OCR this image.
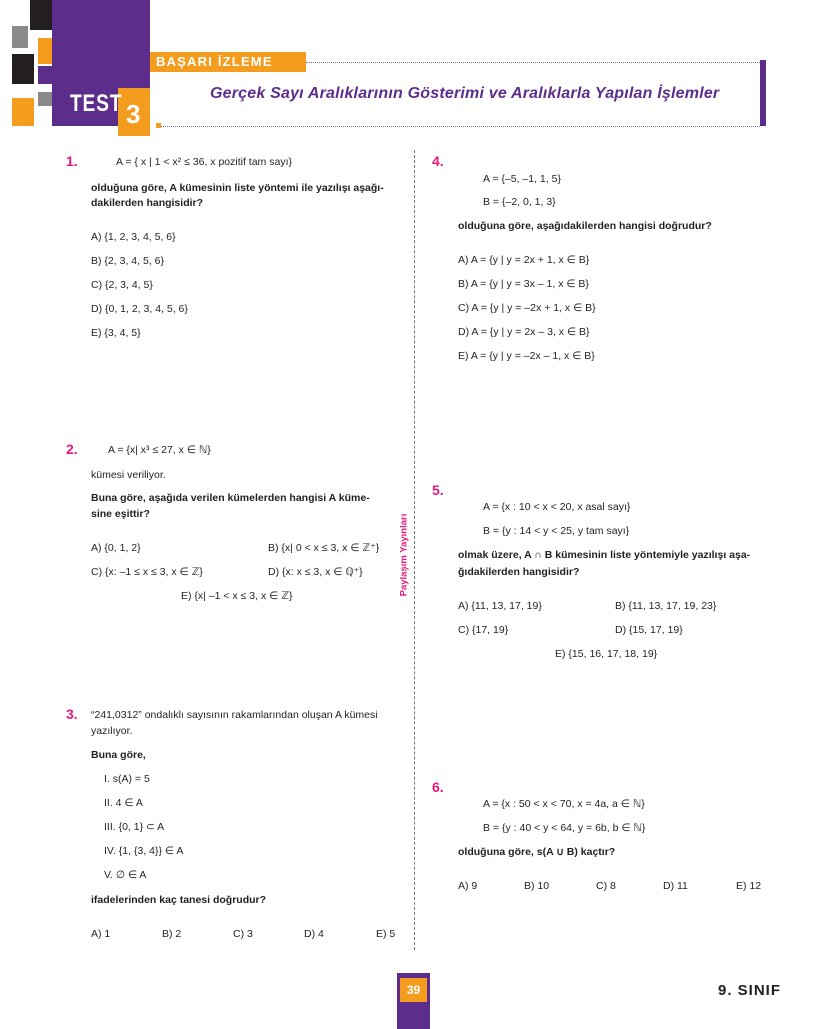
TEST 3
BAŞARI İZLEME TESTİ
Gerçek Sayı Aralıklarının Gösterimi ve Aralıklarla Yapılan İşlemler
Paylaşım Yayınları
1.	A = { x | 1 < x² ≤ 36, x pozitif tam sayı}
olduğuna göre, A kümesinin liste yöntemi ile yazılışı aşağı-
dakilerden hangisidir?
A) {1, 2, 3, 4, 5, 6}
B) {2, 3, 4, 5, 6}
C) {2, 3, 4, 5}
D) {0, 1, 2, 3, 4, 5, 6}
E) {3, 4, 5}
2.	A = {x| x³ ≤ 27, x ∈ ℕ}
kümesi veriliyor.
Buna göre, aşağıda verilen kümelerden hangisi A küme-
sine eşittir?
A) {0, 1, 2}	B) {x| 0 < x ≤ 3, x ∈ ℤ⁺}
C) {x: –1 ≤ x ≤ 3, x ∈ ℤ}	D) {x: x ≤ 3, x ∈ ℚ⁺}
E) {x| –1 < x ≤ 3, x ∈ ℤ}
3. “241,0312” ondalıklı sayısının rakamlarından oluşan A kümesi
yazılıyor.
Buna göre,
I. s(A) = 5
II. 4 ∈ A
III. {0, 1} ⊂ A
IV. {1, {3, 4}} ∈ A
V. ∅ ∈ A
ifadelerinden kaç tanesi doğrudur?
A) 1	B) 2	C) 3	D) 4	E) 5
4.
A = {–5, –1, 1, 5}
B = {–2, 0, 1, 3}
olduğuna göre, aşağıdakilerden hangisi doğrudur?
A) A = {y | y = 2x + 1, x ∈ B}
B) A = {y | y = 3x – 1, x ∈ B}
C) A = {y | y = –2x + 1, x ∈ B}
D) A = {y | y = 2x – 3, x ∈ B}
E) A = {y | y = –2x – 1, x ∈ B}
5.
A = {x : 10 < x < 20, x asal sayı}
B = {y : 14 < y < 25, y tam sayı}
olmak üzere, A ∩ B kümesinin liste yöntemiyle yazılışı aşa-
ğıdakilerden hangisidir?
A) {11, 13, 17, 19}	B) {11, 13, 17, 19, 23}
C) {17, 19}	D) {15, 17, 19}
E) {15, 16, 17, 18, 19}
6.
A = {x : 50 < x < 70, x = 4a, a ∈ ℕ}
B = {y : 40 < y < 64, y = 6b, b ∈ ℕ}
olduğuna göre, s(A ∪ B) kaçtır?
A) 9	B) 10	C) 8	D) 11	E) 12
39	9. SINIF
